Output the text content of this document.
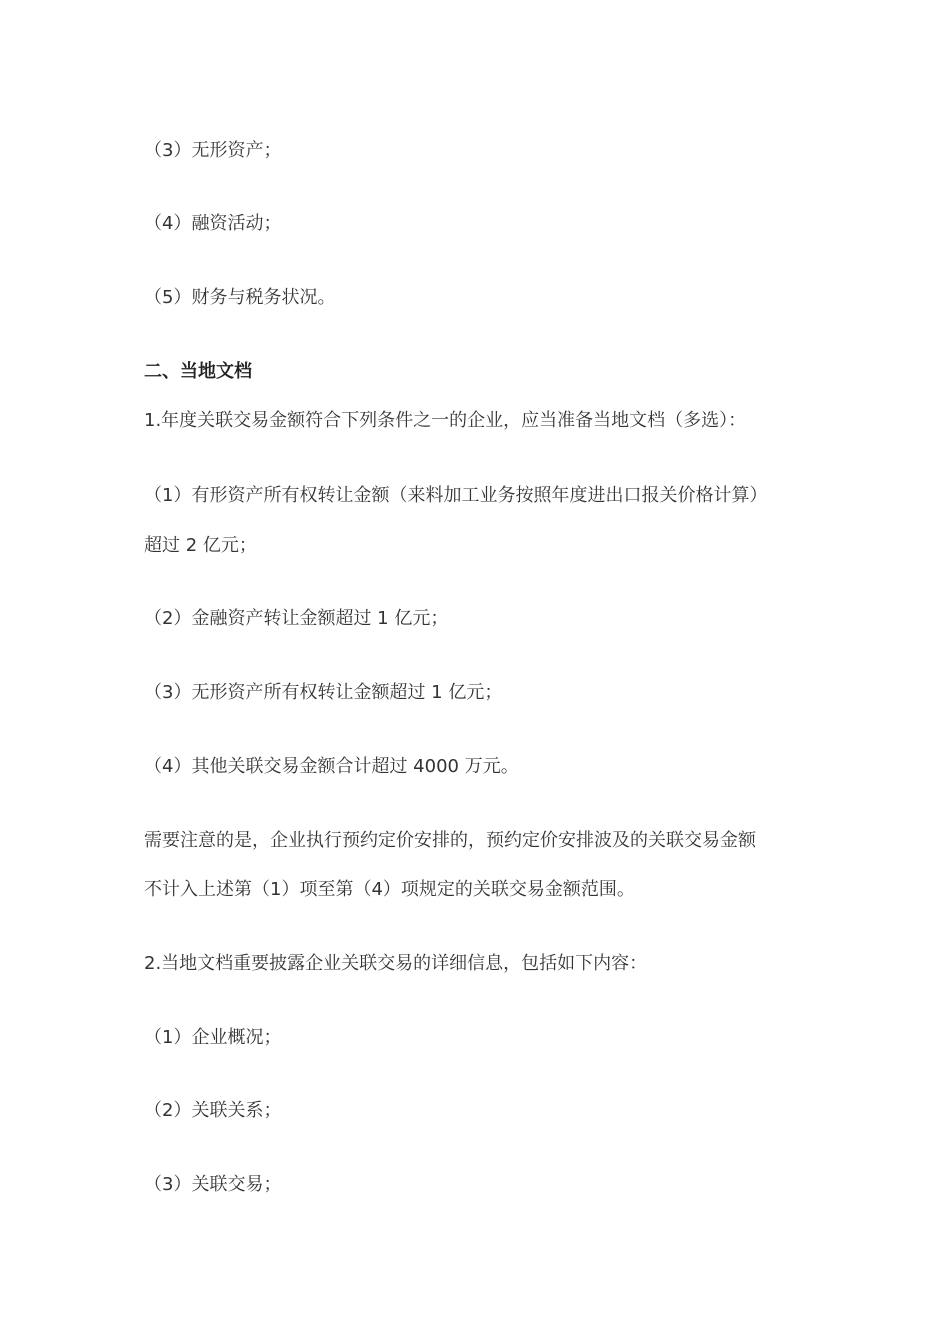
（3）无形资产；
（4）融资活动；
（5）财务与税务状况。
二、当地文档
1.年度关联交易金额符合下列条件之一的企业，应当准备当地文档（多选）：
（1）有形资产所有权转让金额（来料加工业务按照年度进出口报关价格计算）
超过 2 亿元；
（2）金融资产转让金额超过 1 亿元；
（3）无形资产所有权转让金额超过 1 亿元；
（4）其他关联交易金额合计超过 4000 万元。
需要注意的是，企业执行预约定价安排的，预约定价安排波及的关联交易金额
不计入上述第（1）项至第（4）项规定的关联交易金额范围。
2.当地文档重要披露企业关联交易的详细信息，包括如下内容：
（1）企业概况；
（2）关联关系；
（3）关联交易；
